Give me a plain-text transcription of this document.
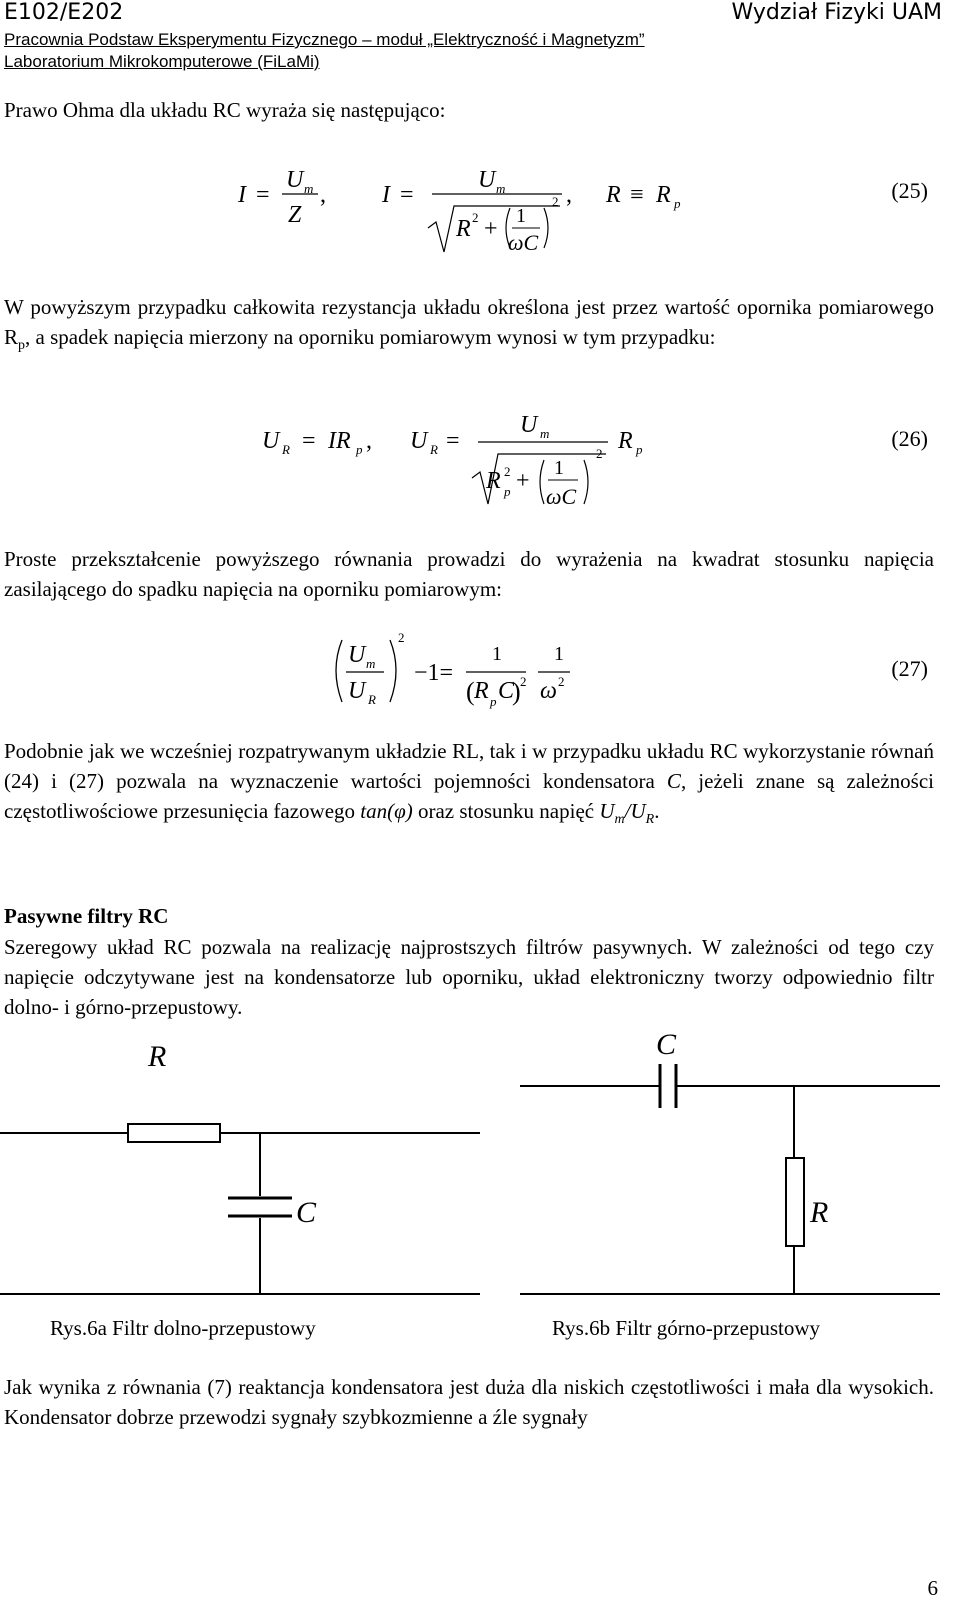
E102/E202	Wydział Fizyki UAM
Pracownia Podstaw Eksperymentu Fizycznego – moduł „Elektryczność i Magnetyzm”
Laboratorium Mikrokomputerowe (FiLaMi)
Prawo Ohma dla układu RC wyraża się następująco:
I =
U m
Z
, I =
U m
R 2 + 1
ωC
2 , R ≡ R p
(25)
W powyższym przypadku całkowita rezystancja układu określona jest przez wartość opornika pomiarowego $R_p$, a spadek napięcia mierzony na oporniku pomiarowym wynosi w tym przypadku:
U R = IR p , U R =
U m
R 2
p + 1
ωC
2 R p	(26)
Proste przekształcenie powyższego równania prowadzi do wyrażenia na kwadrat stosunku napięcia zasilającego do spadku napięcia na oporniku pomiarowym:
U m
U R
2
−1=
1
( R p C
) 2
1
ω 2
(27)
Podobnie jak we wcześniej rozpatrywanym układzie RL, tak i w przypadku układu RC wykorzystanie równań (24) i (27) pozwala na wyznaczenie wartości pojemności kondensatora C, jeżeli znane są zależności częstotliwościowe przesunięcia fazowego tan(φ) oraz stosunku napięć $U_m/U_R$.
Pasywne filtry RC
Szeregowy układ RC pozwala na realizację najprostszych filtrów pasywnych. W zależności od tego czy napięcie odczytywane jest na kondensatorze lub oporniku, układ elektroniczny tworzy odpowiednio filtr dolno- i górno-przepustowy.
R
C
C
R
Rys.6a Filtr dolno-przepustowy	Rys.6b Filtr górno-przepustowy
Jak wynika z równania (7) reaktancja kondensatora jest duża dla niskich częstotliwości i mała dla wysokich. Kondensator dobrze przewodzi sygnały szybkozmienne a źle sygnały
6
